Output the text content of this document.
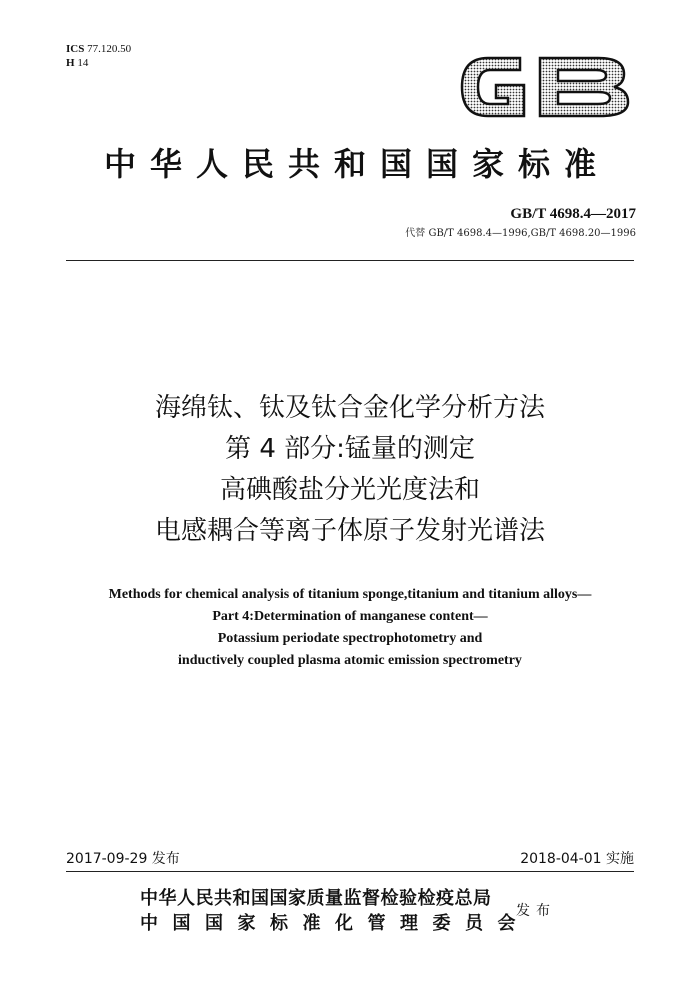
ICS 77.120.50
H 14
GB
中华人民共和国国家标准
GB/T 4698.4—2017
代替 GB/T 4698.4—1996,GB/T 4698.20—1996
海绵钛、钛及钛合金化学分析方法
第 4 部分:锰量的测定
高碘酸盐分光光度法和
电感耦合等离子体原子发射光谱法
Methods for chemical analysis of titanium sponge,titanium and titanium alloys—
Part 4:Determination of manganese content—
Potassium periodate spectrophotometry and
inductively coupled plasma atomic emission spectrometry
2017-09-29 发布	2018-04-01 实施
中华人民共和国国家质量监督检验检疫总局
中国国家标准化管理委员会
发布
